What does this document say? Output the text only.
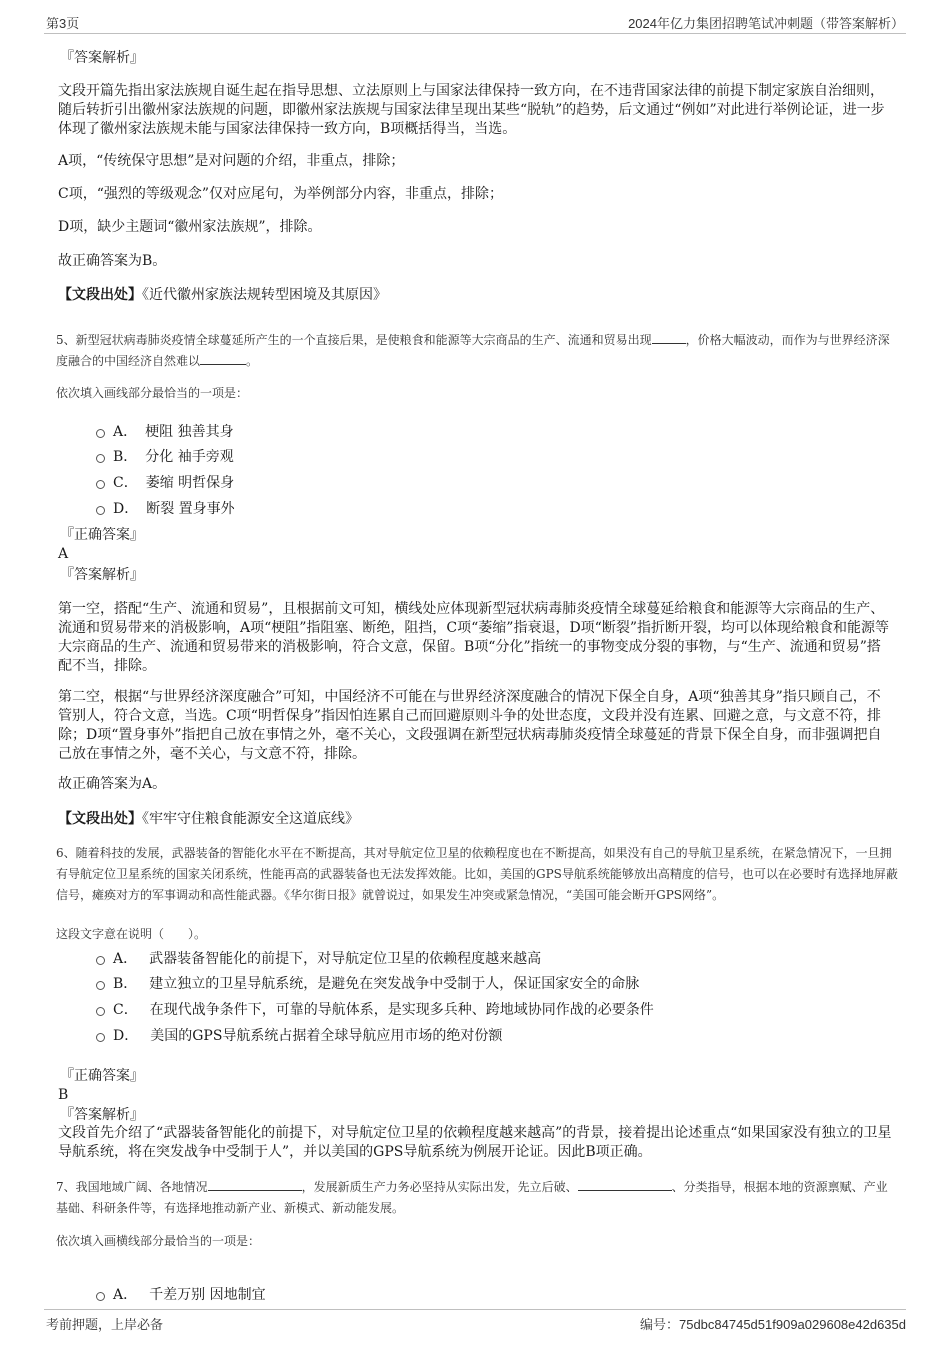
第3页	2024年亿力集团招聘笔试冲刺题（带答案解析）
『答案解析』
文段开篇先指出家法族规自诞生起在指导思想、立法原则上与国家法律保持一致方向，在不违背国家法律的前提下制定家族自治细则，随后转折引出徽州家法族规的问题，即徽州家法族规与国家法律呈现出某些“脱轨”的趋势，后文通过“例如”对此进行举例论证，进一步体现了徽州家法族规未能与国家法律保持一致方向，B项概括得当，当选。
A项，“传统保守思想”是对问题的介绍，非重点，排除；
C项，“强烈的等级观念”仅对应尾句，为举例部分内容，非重点，排除；
D项，缺少主题词“徽州家法族规”，排除。
故正确答案为B。
【文段出处】《近代徽州家族法规转型困境及其原因》
5、新型冠状病毒肺炎疫情全球蔓延所产生的一个直接后果，是使粮食和能源等大宗商品的生产、流通和贸易出现	，价格大幅波动，而作为与世界经济深度融合的中国经济自然难以	。
依次填入画线部分最恰当的一项是：
A． 梗阻 独善其身
B． 分化 袖手旁观
C． 萎缩 明哲保身
D． 断裂 置身事外
『正确答案』
A
『答案解析』
第一空，搭配“生产、流通和贸易”，且根据前文可知，横线处应体现新型冠状病毒肺炎疫情全球蔓延给粮食和能源等大宗商品的生产、流通和贸易带来的消极影响，A项“梗阻”指阻塞、断绝，阻挡，C项“萎缩”指衰退，D项“断裂”指折断开裂，均可以体现给粮食和能源等大宗商品的生产、流通和贸易带来的消极影响，符合文意，保留。B项“分化”指统一的事物变成分裂的事物，与“生产、流通和贸易”搭配不当，排除。
第二空，根据“与世界经济深度融合”可知，中国经济不可能在与世界经济深度融合的情况下保全自身，A项“独善其身”指只顾自己，不管别人，符合文意，当选。C项“明哲保身”指因怕连累自己而回避原则斗争的处世态度，文段并没有连累、回避之意，与文意不符，排除；D项“置身事外”指把自己放在事情之外，毫不关心，文段强调在新型冠状病毒肺炎疫情全球蔓延的背景下保全自身，而非强调把自己放在事情之外，毫不关心，与文意不符，排除。
故正确答案为A。
【文段出处】《牢牢守住粮食能源安全这道底线》
6、随着科技的发展，武器装备的智能化水平在不断提高，其对导航定位卫星的依赖程度也在不断提高，如果没有自己的导航卫星系统，在紧急情况下，一旦拥有导航定位卫星系统的国家关闭系统，性能再高的武器装备也无法发挥效能。比如，美国的GPS导航系统能够放出高精度的信号，也可以在必要时有选择地屏蔽信号，瘫痪对方的军事调动和高性能武器。《华尔街日报》就曾说过，如果发生冲突或紧急情况，“美国可能会断开GPS网络”。
这段文字意在说明（　　）。
A． 武器装备智能化的前提下，对导航定位卫星的依赖程度越来越高
B． 建立独立的卫星导航系统，是避免在突发战争中受制于人，保证国家安全的命脉
C． 在现代战争条件下，可靠的导航体系，是实现多兵种、跨地域协同作战的必要条件
D． 美国的GPS导航系统占据着全球导航应用市场的绝对份额
『正确答案』
B
『答案解析』
文段首先介绍了“武器装备智能化的前提下，对导航定位卫星的依赖程度越来越高”的背景，接着提出论述重点“如果国家没有独立的卫星导航系统，将在突发战争中受制于人”，并以美国的GPS导航系统为例展开论证。因此B项正确。
7、我国地域广阔、各地情况	，发展新质生产力务必坚持从实际出发，先立后破、	、分类指导，根据本地的资源禀赋、产业基础、科研条件等，有选择地推动新产业、新模式、新动能发展。
依次填入画横线部分最恰当的一项是：
A． 千差万别 因地制宜
考前押题，上岸必备	编号：75dbc84745d51f909a029608e42d635d
